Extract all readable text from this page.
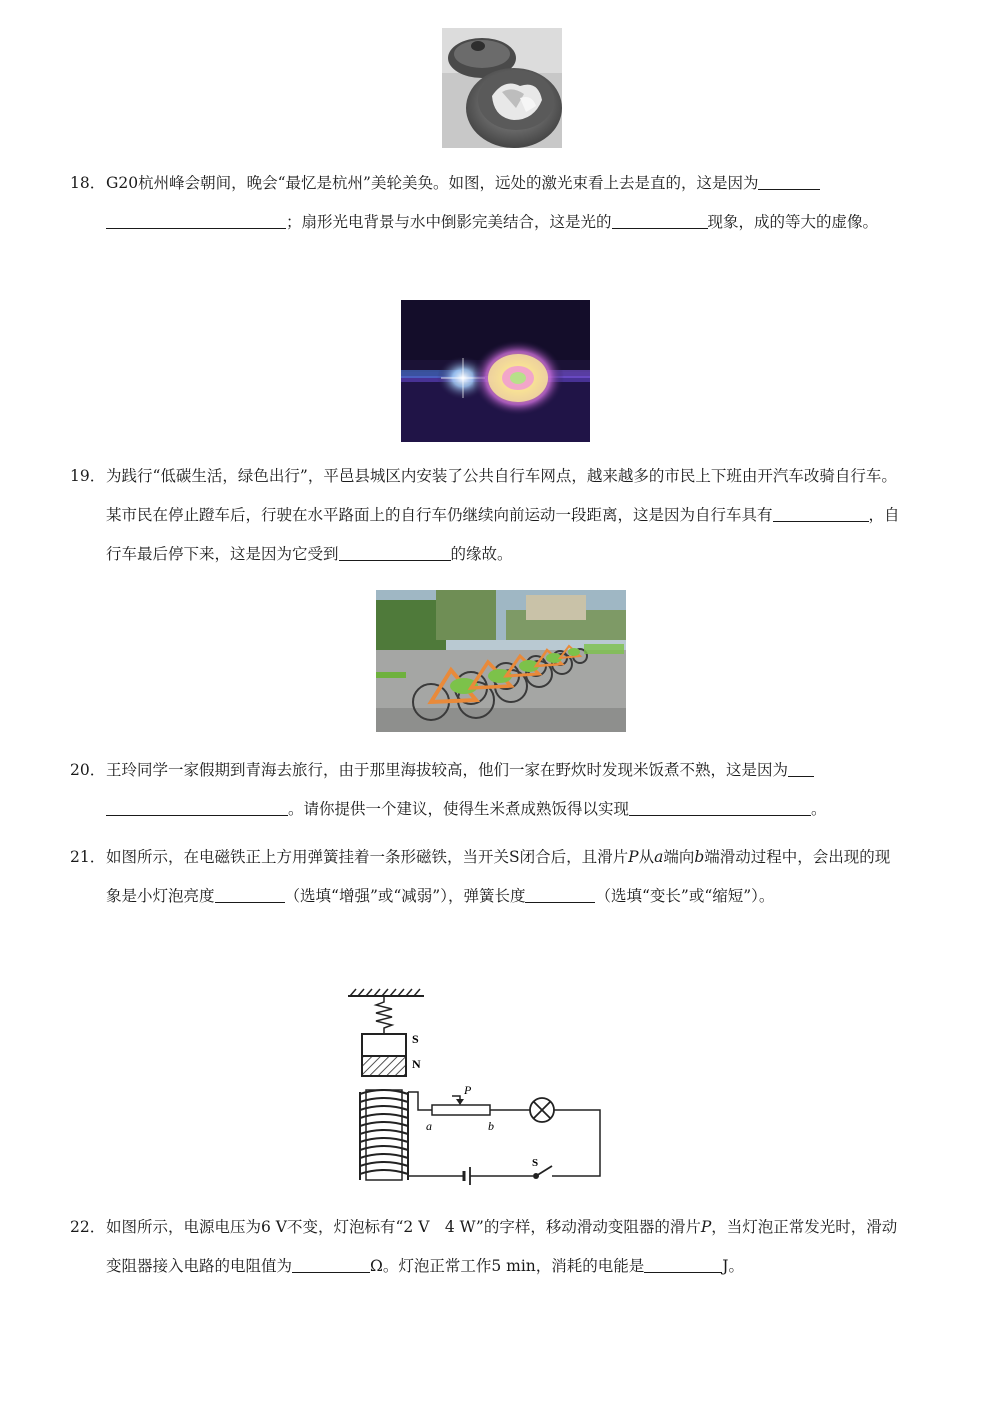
18． G20杭州峰会朝间，晚会“最忆是杭州”美轮美奂。如图，远处的激光束看上去是直的，这是因为
；扇形光电背景与水中倒影完美结合，这是光的	现象，成的等大的虚像。
19． 为践行“低碳生活，绿色出行”，平邑县城区内安装了公共自行车网点，越来越多的市民上下班由开汽车改骑自行车。某市民在停止蹬车后，行驶在水平路面上的自行车仍继续向前运动一段距离，这是因为自行车具有	，自行车最后停下来，这是因为它受到	的缘故。
20． 王玲同学一家假期到青海去旅行，由于那里海拔较高，他们一家在野炊时发现米饭煮不熟，这是因为
。请你提供一个建议，使得生米煮成熟饭得以实现	。
21． 如图所示，在电磁铁正上方用弹簧挂着一条形磁铁，当开关S闭合后，且滑片P从a端向b端滑动过程中，会出现的现象是小灯泡亮度	（选填“增强”或“减弱”），弹簧长度	（选填“变长”或“缩短”）。
S
N
P
a	b
S
22． 如图所示，电源电压为6 V不变，灯泡标有“2 V　4 W”的字样，移动滑动变阻器的滑片P，当灯泡正常发光时，滑动变阻器接入电路的电阻值为	Ω。灯泡正常工作5 min，消耗的电能是	J。
